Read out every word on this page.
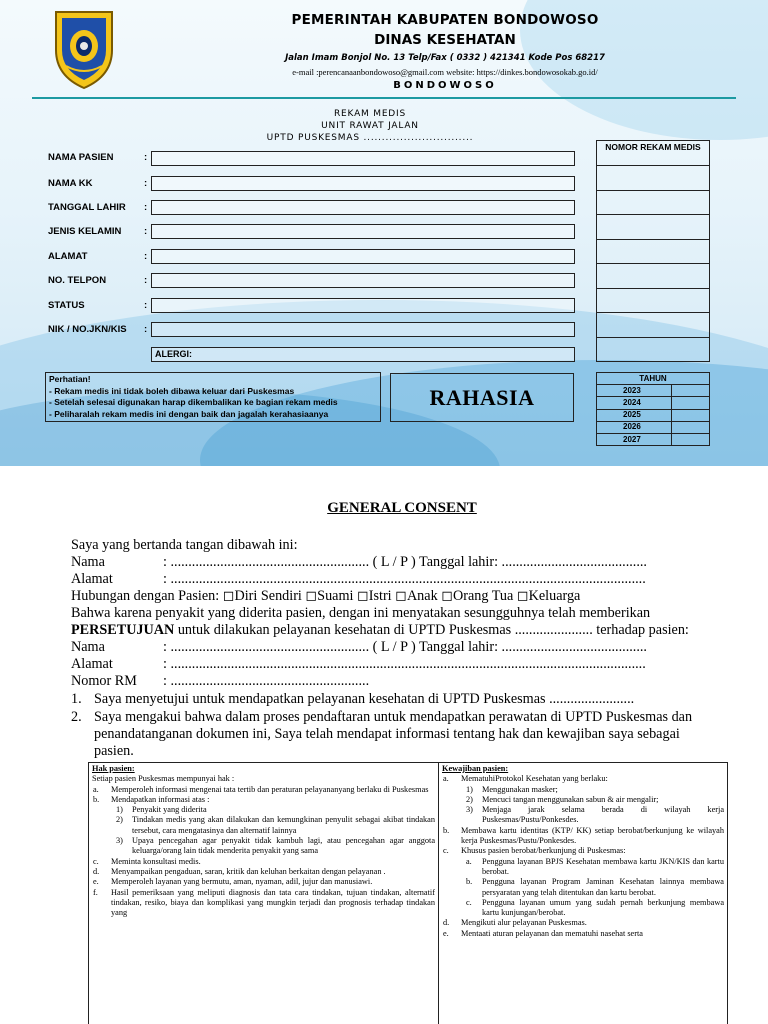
PEMERINTAH KABUPATEN BONDOWOSO
DINAS KESEHATAN
Jalan Imam Bonjol No. 13 Telp/Fax ( 0332 ) 421341 Kode Pos 68217
e-mail :perencanaanbondowoso@gmail.com website: https://dinkes.bondowosokab.go.id/
BONDOWOSO
REKAM MEDIS
UNIT RAWAT JALAN
UPTD PUSKESMAS ..............................
NAMA PASIEN	:
NAMA KK	:
TANGGAL LAHIR :
JENIS KELAMIN :
ALAMAT	:
NO. TELPON	:
STATUS	:
NIK / NO.JKN/KIS :
ALERGI:
NOMOR REKAM MEDIS
Perhatian!
- Rekam medis ini tidak boleh dibawa keluar dari Puskesmas
- Setelah selesai digunakan harap dikembalikan ke bagian rekam medis
- Peliharalah rekam medis ini dengan baik dan jagalah kerahasiaanya
RAHASIA
TAHUN	
2023	
2024	
2025	
2026	
2027	
GENERAL CONSENT
Saya yang bertanda tangan dibawah ini:
Nama	: ........................................................ ( L / P ) Tanggal lahir: .........................................
Alamat	: ......................................................................................................................................
Hubungan dengan Pasien: ◻Diri Sendiri ◻Suami ◻Istri ◻Anak ◻Orang Tua ◻Keluarga
Bahwa karena penyakit yang diderita pasien, dengan ini menyatakan sesungguhnya telah memberikan
PERSETUJUAN untuk dilakukan pelayanan kesehatan di UPTD Puskesmas ...................... terhadap pasien:
Nama	: ........................................................ ( L / P ) Tanggal lahir: .........................................
Alamat	: ......................................................................................................................................
Nomor RM : ........................................................
1. Saya menyetujui untuk mendapatkan pelayanan kesehatan di UPTD Puskesmas ........................
2. Saya mengakui bahwa dalam proses pendaftaran untuk mendapatkan perawatan di UPTD Puskesmas dan
penandatanganan dokumen ini, Saya telah mendapat informasi tentang hak dan kewajiban saya sebagai
pasien.
Hak pasien:
Setiap pasien Puskesmas mempunyai hak :
a. Memperoleh informasi mengenai tata tertib dan peraturan pelayananyang berlaku di Puskesmas
b. Mendapatkan informasi atas :
1) Penyakit yang diderita
2) Tindakan medis yang akan dilakukan dan kemungkinan penyulit sebagai akibat tindakan tersebut, cara mengatasinya dan alternatif lainnya
3) Upaya pencegahan agar penyakit tidak kambuh lagi, atau pencegahan agar anggota keluarga/orang lain tidak menderita penyakit yang sama
c. Meminta konsultasi medis.
d. Menyampaikan pengaduan, saran, kritik dan keluhan berkaitan dengan pelayanan .
e. Memperoleh layanan yang bermutu, aman, nyaman, adil, jujur dan manusiawi.
f. Hasil pemeriksaan yang meliputi diagnosis dan tata cara tindakan, tujuan tindakan, alternatif tindakan, resiko, biaya dan komplikasi yang mungkin terjadi dan prognosis terhadap tindakan yang
Kewajiban pasien:
a. MematuhiProtokol Kesehatan yang berlaku:
1) Menggunakan masker;
2) Mencuci tangan menggunakan sabun & air mengalir;
3) Menjaga jarak selama berada di wilayah kerja Puskesmas/Pustu/Ponkesdes.
b. Membawa kartu identitas (KTP/ KK) setiap berobat/berkunjung ke wilayah kerja Puskesmas/Pustu/Ponkesdes.
c. Khusus pasien berobat/berkunjung di Puskesmas:
a. Pengguna layanan BPJS Kesehatan membawa kartu JKN/KIS dan kartu berobat.
b. Pengguna layanan Program Jaminan Kesehatan lainnya membawa persyaratan yang telah ditentukan dan kartu berobat.
c. Pengguna layanan umum yang sudah pernah berkunjung membawa kartu kunjungan/berobat.
d. Mengikuti alur pelayanan Puskesmas.
e. Mentaati aturan pelayanan dan mematuhi nasehat serta
